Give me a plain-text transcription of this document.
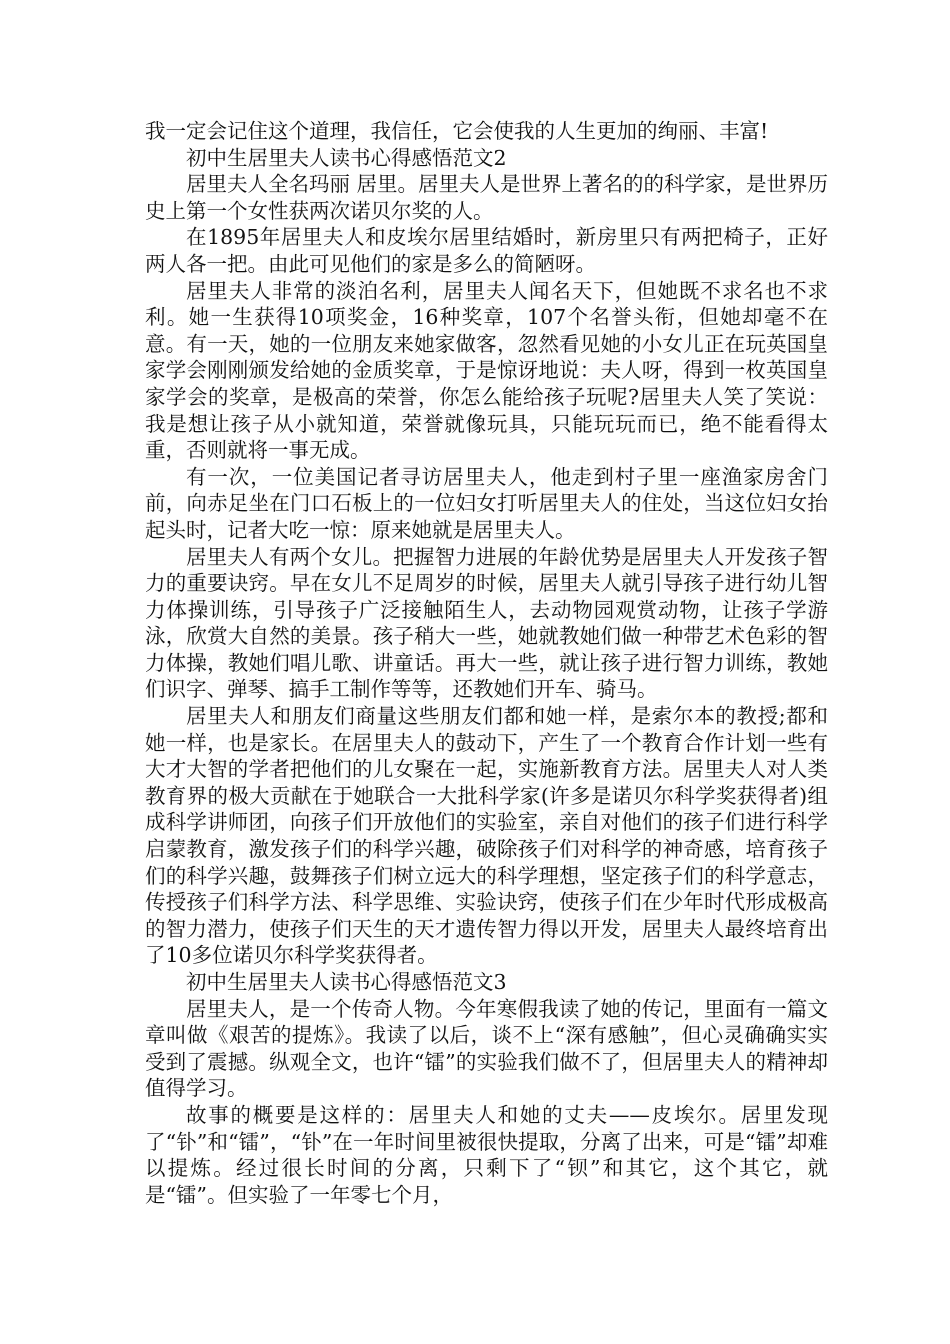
我一定会记住这个道理，我信任，它会使我的人生更加的绚丽、丰富!

初中生居里夫人读书心得感悟范文2

居里夫人全名玛丽 居里。居里夫人是世界上著名的的科学家，是世界历史上第一个女性获两次诺贝尔奖的人。

在1895年居里夫人和皮埃尔居里结婚时，新房里只有两把椅子，正好两人各一把。由此可见他们的家是多么的简陋呀。

居里夫人非常的淡泊名利，居里夫人闻名天下，但她既不求名也不求利。她一生获得10项奖金，16种奖章，107个名誉头衔，但她却毫不在意。有一天，她的一位朋友来她家做客，忽然看见她的小女儿正在玩英国皇家学会刚刚颁发给她的金质奖章，于是惊讶地说：夫人呀，得到一枚英国皇家学会的奖章，是极高的荣誉，你怎么能给孩子玩呢?居里夫人笑了笑说：我是想让孩子从小就知道，荣誉就像玩具，只能玩玩而已，绝不能看得太重，否则就将一事无成。

有一次，一位美国记者寻访居里夫人，他走到村子里一座渔家房舍门前，向赤足坐在门口石板上的一位妇女打听居里夫人的住处，当这位妇女抬起头时，记者大吃一惊：原来她就是居里夫人。

居里夫人有两个女儿。把握智力进展的年龄优势是居里夫人开发孩子智力的重要诀窍。早在女儿不足周岁的时候，居里夫人就引导孩子进行幼儿智力体操训练，引导孩子广泛接触陌生人，去动物园观赏动物，让孩子学游泳，欣赏大自然的美景。孩子稍大一些，她就教她们做一种带艺术色彩的智力体操，教她们唱儿歌、讲童话。再大一些，就让孩子进行智力训练，教她们识字、弹琴、搞手工制作等等，还教她们开车、骑马。

居里夫人和朋友们商量这些朋友们都和她一样，是索尔本的教授;都和她一样，也是家长。在居里夫人的鼓动下，产生了一个教育合作计划一些有大才大智的学者把他们的儿女聚在一起，实施新教育方法。居里夫人对人类教育界的极大贡献在于她联合一大批科学家(许多是诺贝尔科学奖获得者)组成科学讲师团，向孩子们开放他们的实验室，亲自对他们的孩子们进行科学启蒙教育，激发孩子们的科学兴趣，破除孩子们对科学的神奇感，培育孩子们的科学兴趣，鼓舞孩子们树立远大的科学理想，坚定孩子们的科学意志，传授孩子们科学方法、科学思维、实验诀窍，使孩子们在少年时代形成极高的智力潜力，使孩子们天生的天才遗传智力得以开发，居里夫人最终培育出了10多位诺贝尔科学奖获得者。

初中生居里夫人读书心得感悟范文3

居里夫人，是一个传奇人物。今年寒假我读了她的传记，里面有一篇文章叫做《艰苦的提炼》。我读了以后，谈不上“深有感触”，但心灵确确实实受到了震撼。纵观全文，也许“镭”的实验我们做不了，但居里夫人的精神却值得学习。

故事的概要是这样的：居里夫人和她的丈夫——皮埃尔。居里发现了“钋”和“镭”，“钋”在一年时间里被很快提取，分离了出来，可是“镭”却难以提炼。经过很长时间的分离，只剩下了“钡”和其它，这个其它，就是“镭”。但实验了一年零七个月，
